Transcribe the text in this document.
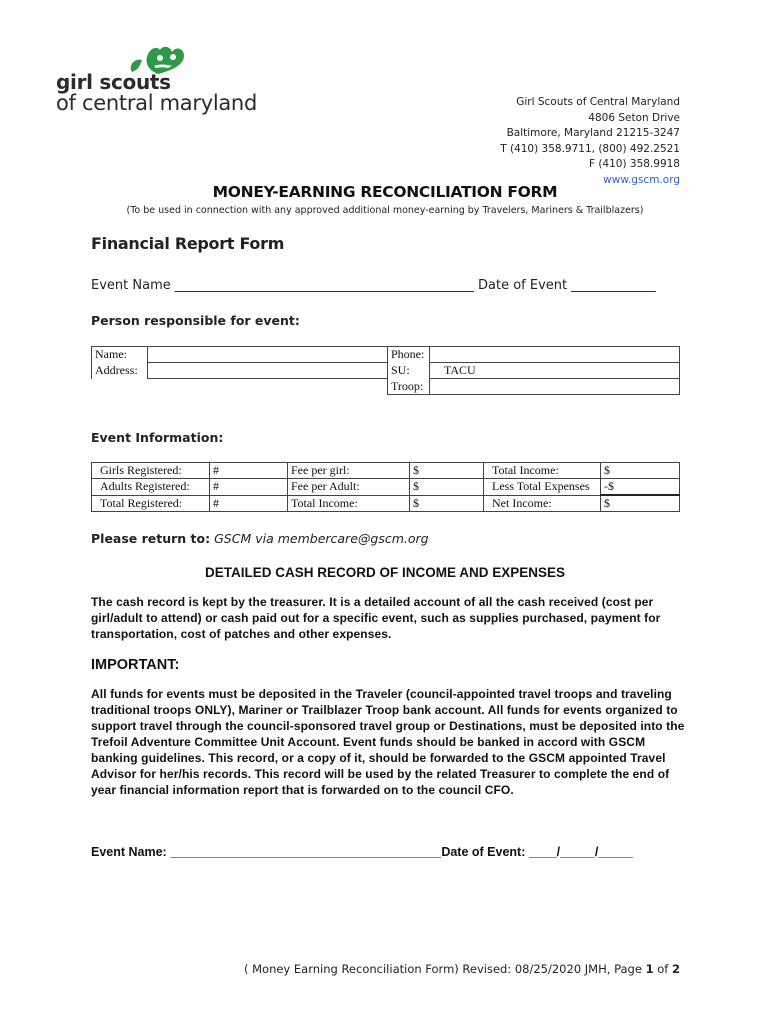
girl scouts
of central maryland	Girl Scouts of Central Maryland
4806 Seton Drive
Baltimore, Maryland 21215-3247
T (410) 358.9711, (800) 492.2521
F (410) 358.9918
www.gscm.org
MONEY-EARNING RECONCILIATION FORM
(To be used in connection with any approved additional money-earning by Travelers, Mariners & Trailblazers)
Financial Report Form
Event Name ______________________________________________ Date of Event _____________
Person responsible for event:
Name:		Phone:	
Address:		SU:	TACU
		Troop:	
Event Information:
Girls Registered:	#	Fee per girl:	$	Total Income:	$
Adults Registered:	#	Fee per Adult:	$	Less Total Expenses	-$
Total Registered:	#	Total Income:	$	Net Income:	$
Please return to: GSCM via membercare@gscm.org
DETAILED CASH RECORD OF INCOME AND EXPENSES
The cash record is kept by the treasurer. It is a detailed account of all the cash received (cost per girl/adult to attend) or cash paid out for a specific event, such as supplies purchased, payment for transportation, cost of patches and other expenses.
IMPORTANT:
All funds for events must be deposited in the Traveler (council-appointed travel troops and traveling traditional troops ONLY), Mariner or Trailblazer Troop bank account. All funds for events organized to support travel through the council-sponsored travel group or Destinations, must be deposited into the Trefoil Adventure Committee Unit Account. Event funds should be banked in accord with GSCM banking guidelines. This record, or a copy of it, should be forwarded to the GSCM appointed Travel Advisor for her/his records. This record will be used by the related Treasurer to complete the end of year financial information report that is forwarded on to the council CFO.
Event Name: _______________________________________Date of Event: ____/_____/_____
( Money Earning Reconciliation Form) Revised: 08/25/2020 JMH, Page 1 of 2
